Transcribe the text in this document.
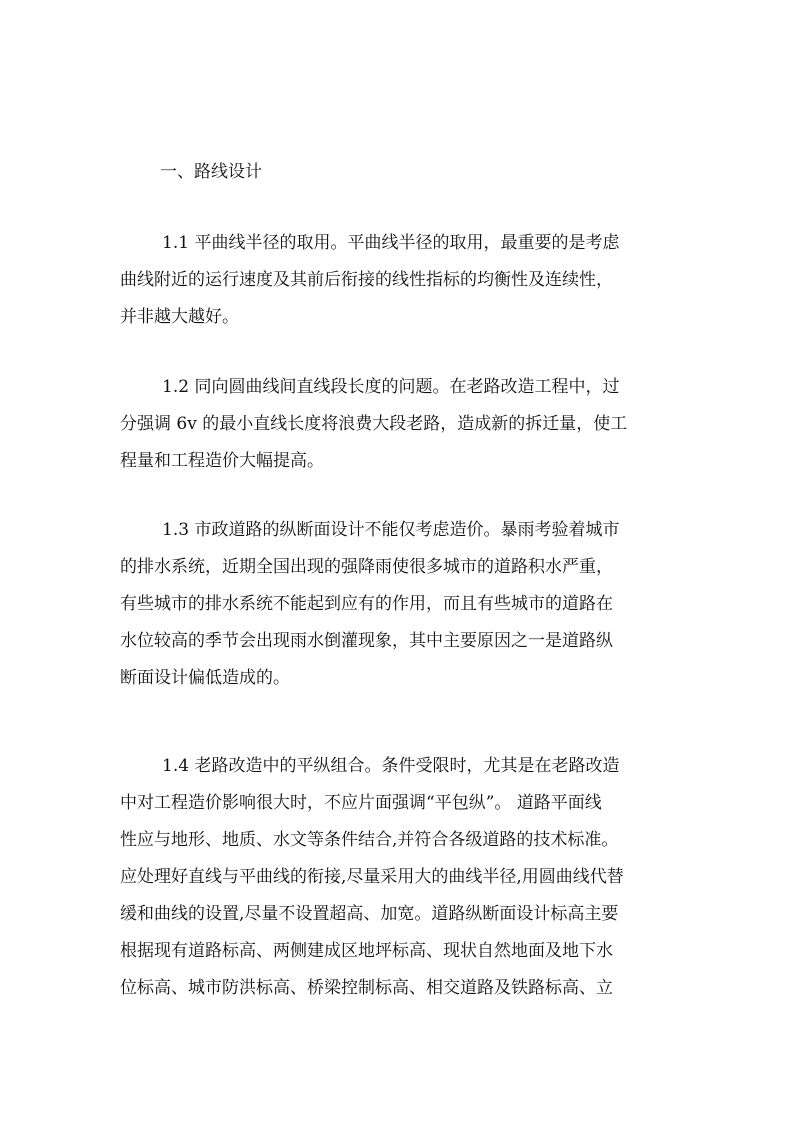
一、路线设计
1.1 平曲线半径的取用。平曲线半径的取用，最重要的是考虑
曲线附近的运行速度及其前后衔接的线性指标的均衡性及连续性，
并非越大越好。
1.2 同向圆曲线间直线段长度的问题。在老路改造工程中，过
分强调 6v 的最小直线长度将浪费大段老路，造成新的拆迁量，使工
程量和工程造价大幅提高。
1.3 市政道路的纵断面设计不能仅考虑造价。暴雨考验着城市
的排水系统，近期全国出现的强降雨使很多城市的道路积水严重，
有些城市的排水系统不能起到应有的作用，而且有些城市的道路在
水位较高的季节会出现雨水倒灌现象，其中主要原因之一是道路纵
断面设计偏低造成的。
1.4 老路改造中的平纵组合。条件受限时，尤其是在老路改造
中对工程造价影响很大时，不应片面强调“平包纵”。 道路平面线
性应与地形、地质、水文等条件结合,并符合各级道路的技术标准。
应处理好直线与平曲线的衔接,尽量采用大的曲线半径,用圆曲线代替
缓和曲线的设置,尽量不设置超高、加宽。道路纵断面设计标高主要
根据现有道路标高、两侧建成区地坪标高、现状自然地面及地下水
位标高、城市防洪标高、桥梁控制标高、相交道路及铁路标高、立
